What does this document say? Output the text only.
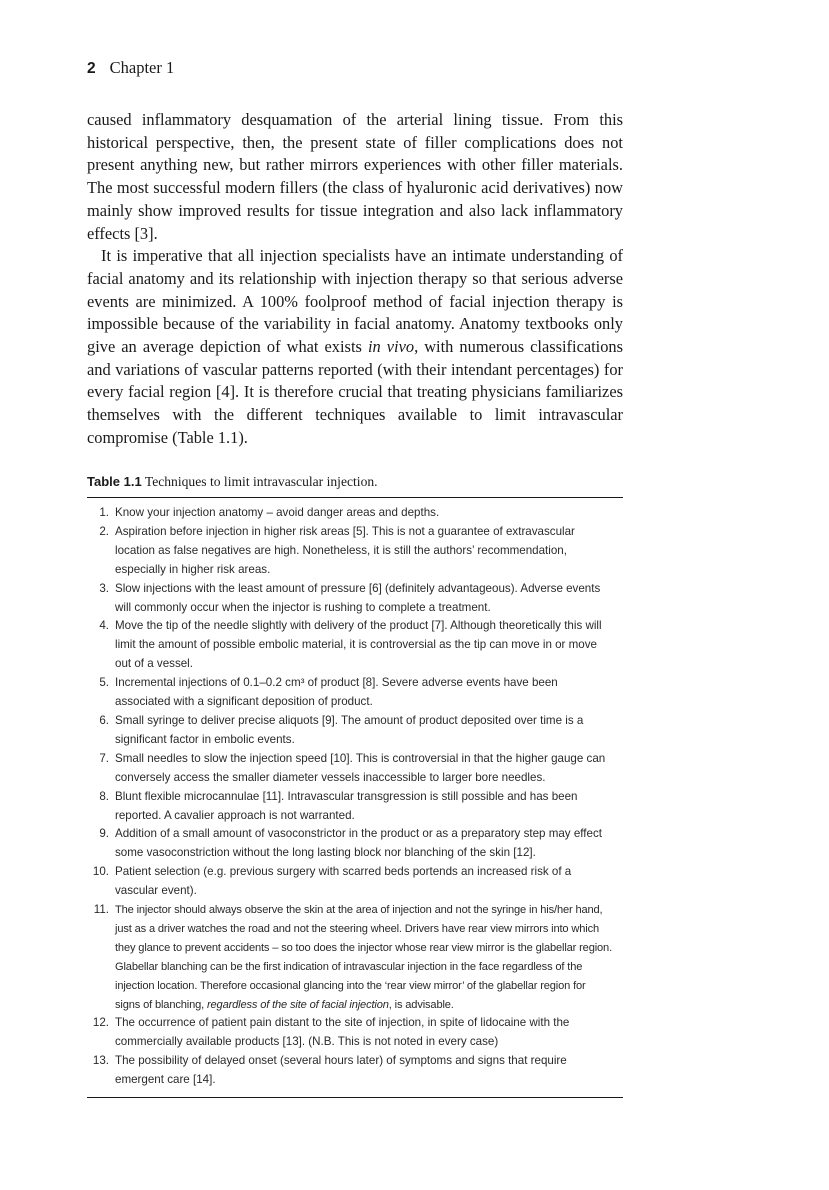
2 Chapter 1

caused inflammatory desquamation of the arterial lining tissue. From this historical perspective, then, the present state of filler complications does not present anything new, but rather mirrors experiences with other filler materials. The most successful modern fillers (the class of hyaluronic acid derivatives) now mainly show improved results for tissue integration and also lack inflammatory effects [3].

It is imperative that all injection specialists have an intimate understanding of facial anatomy and its relationship with injection therapy so that serious adverse events are minimized. A 100% foolproof method of facial injection therapy is impossible because of the variability in facial anatomy. Anatomy textbooks only give an average depiction of what exists in vivo, with numerous classifications and variations of vascular patterns reported (with their intendant percentages) for every facial region [4]. It is therefore crucial that treating physicians familiarizes themselves with the different techniques available to limit intravascular compromise (Table 1.1).

Table 1.1 Techniques to limit intravascular injection.
1. Know your injection anatomy – avoid danger areas and depths.
2. Aspiration before injection in higher risk areas [5]. This is not a guarantee of extravascular location as false negatives are high. Nonetheless, it is still the authors’ recommendation, especially in higher risk areas.
3. Slow injections with the least amount of pressure [6] (definitely advantageous). Adverse events will commonly occur when the injector is rushing to complete a treatment.
4. Move the tip of the needle slightly with delivery of the product [7]. Although theoretically this will limit the amount of possible embolic material, it is controversial as the tip can move in or move out of a vessel.
5. Incremental injections of 0.1–0.2 cm³ of product [8]. Severe adverse events have been associated with a significant deposition of product.
6. Small syringe to deliver precise aliquots [9]. The amount of product deposited over time is a significant factor in embolic events.
7. Small needles to slow the injection speed [10]. This is controversial in that the higher gauge can conversely access the smaller diameter vessels inaccessible to larger bore needles.
8. Blunt flexible microcannulae [11]. Intravascular transgression is still possible and has been reported. A cavalier approach is not warranted.
9. Addition of a small amount of vasoconstrictor in the product or as a preparatory step may effect some vasoconstriction without the long lasting block nor blanching of the skin [12].
10. Patient selection (e.g. previous surgery with scarred beds portends an increased risk of a vascular event).
11. The injector should always observe the skin at the area of injection and not the syringe in his/her hand, just as a driver watches the road and not the steering wheel. Drivers have rear view mirrors into which they glance to prevent accidents – so too does the injector whose rear view mirror is the glabellar region. Glabellar blanching can be the first indication of intravascular injection in the face regardless of the injection location. Therefore occasional glancing into the ‘rear view mirror’ of the glabellar region for signs of blanching, regardless of the site of facial injection, is advisable.
12. The occurrence of patient pain distant to the site of injection, in spite of lidocaine with the commercially available products [13]. (N.B. This is not noted in every case)
13. The possibility of delayed onset (several hours later) of symptoms and signs that require emergent care [14].
